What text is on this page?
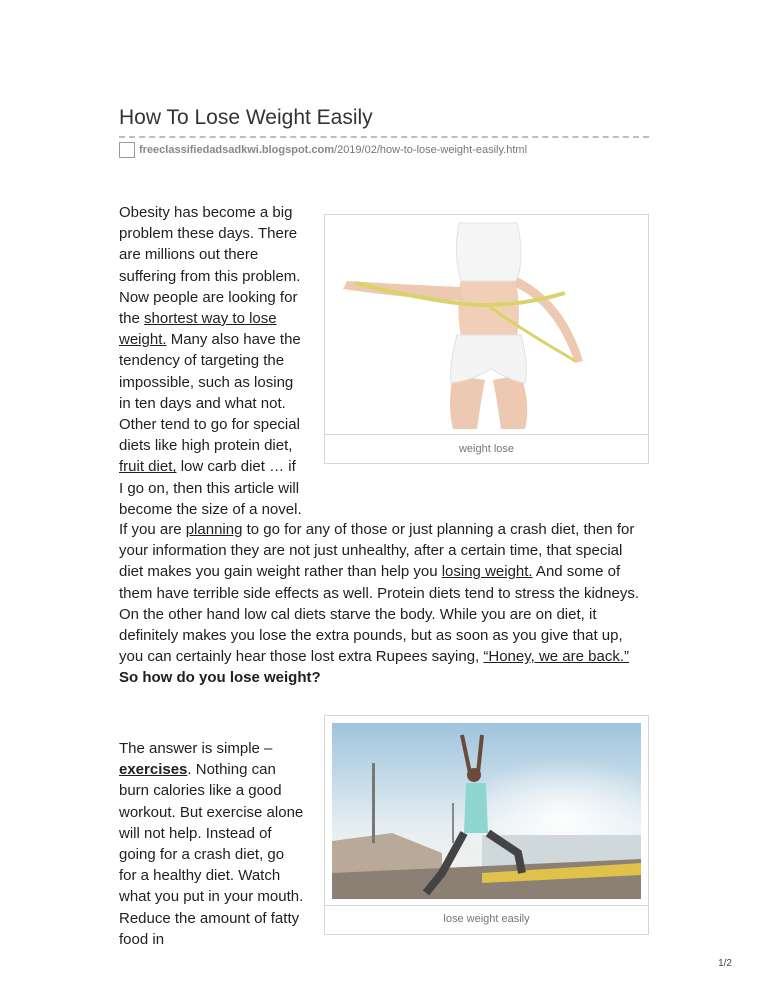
How To Lose Weight Easily
freeclassifiedadsadkwi.blogspot.com /2019/02/how-to-lose-weight-easily.html
weight lose

Obesity has become a big problem these days. There are millions out there suffering from this problem. Now people are looking for the shortest way to lose weight. Many also have the tendency of targeting the impossible, such as losing in ten days and what not.

Other tend to go for special diets like high protein diet, fruit diet, low carb diet … if I go on, then this article will become the size of a novel.

If you are planning to go for any of those or just planning a crash diet, then for your information they are not just unhealthy, after a certain time, that special diet makes you gain weight rather than help you losing weight. And some of them have terrible side effects as well. Protein diets tend to stress the kidneys. On the other hand low cal diets starve the body. While you are on diet, it definitely makes you lose the extra pounds, but as soon as you give that up, you can certainly hear those lost extra Rupees saying, “Honey, we are back.”

So how do you lose weight?

lose weight easily

The answer is simple – exercises. Nothing can burn calories like a good workout. But exercise alone will not help. Instead of going for a crash diet, go for a healthy diet. Watch what you put in your mouth. Reduce the amount of fatty food in

1/2
